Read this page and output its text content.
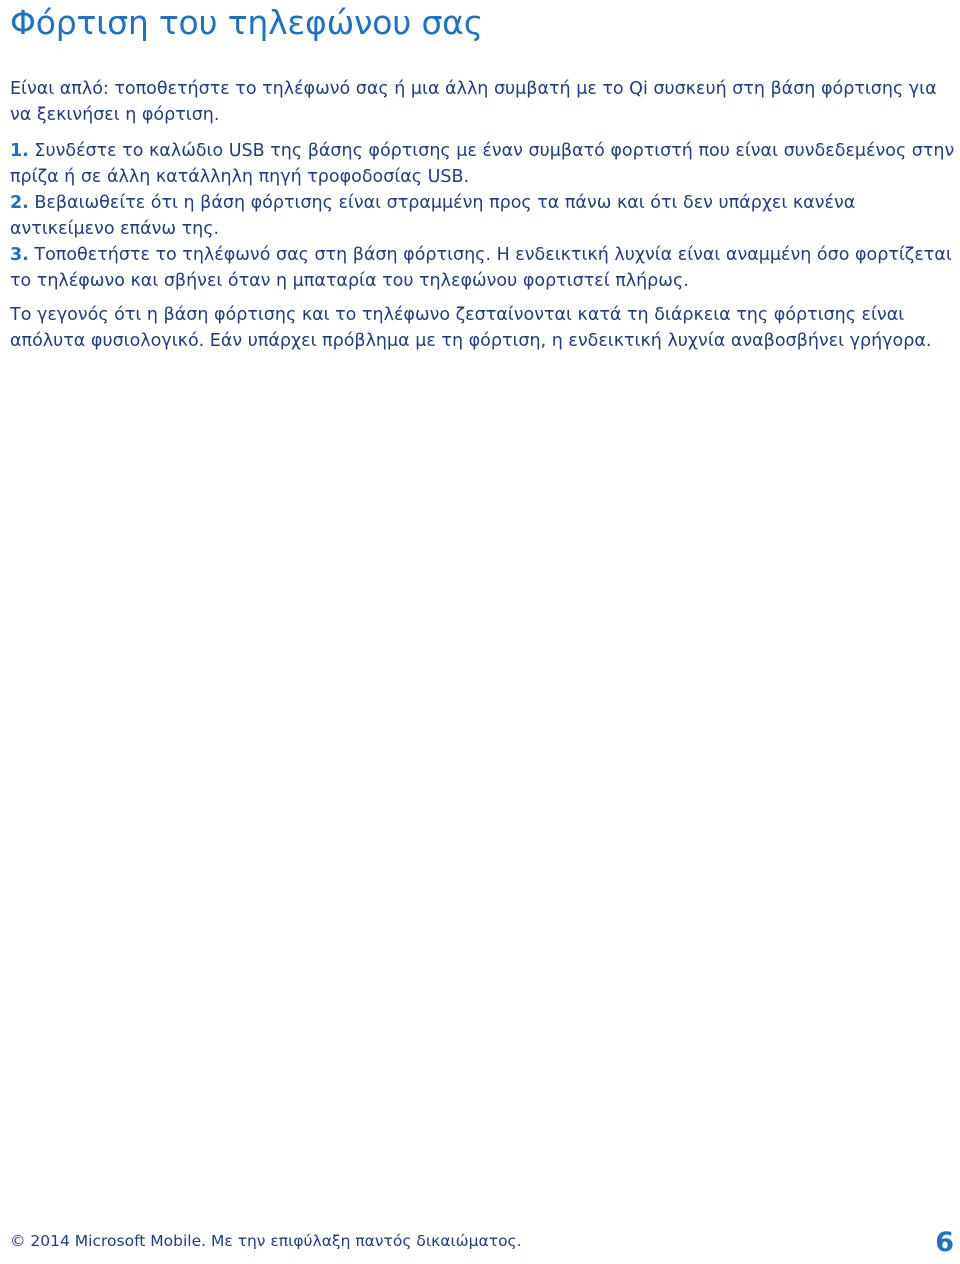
Φόρτιση του τηλεφώνου σας

Είναι απλό: τοποθετήστε το τηλέφωνό σας ή μια άλλη συμβατή με το Qi συσκευή στη βάση φόρτισης για να ξεκινήσει η φόρτιση.

1. Συνδέστε το καλώδιο USB της βάσης φόρτισης με έναν συμβατό φορτιστή που είναι συνδεδεμένος στην πρίζα ή σε άλλη κατάλληλη πηγή τροφοδοσίας USB.
2. Βεβαιωθείτε ότι η βάση φόρτισης είναι στραμμένη προς τα πάνω και ότι δεν υπάρχει κανένα αντικείμενο επάνω της.
3. Τοποθετήστε το τηλέφωνό σας στη βάση φόρτισης. Η ενδεικτική λυχνία είναι αναμμένη όσο φορτίζεται το τηλέφωνο και σβήνει όταν η μπαταρία του τηλεφώνου φορτιστεί πλήρως.

Το γεγονός ότι η βάση φόρτισης και το τηλέφωνο ζεσταίνονται κατά τη διάρκεια της φόρτισης είναι απόλυτα φυσιολογικό. Εάν υπάρχει πρόβλημα με τη φόρτιση, η ενδεικτική λυχνία αναβοσβήνει γρήγορα.

© 2014 Microsoft Mobile. Με την επιφύλαξη παντός δικαιώματος.	6
